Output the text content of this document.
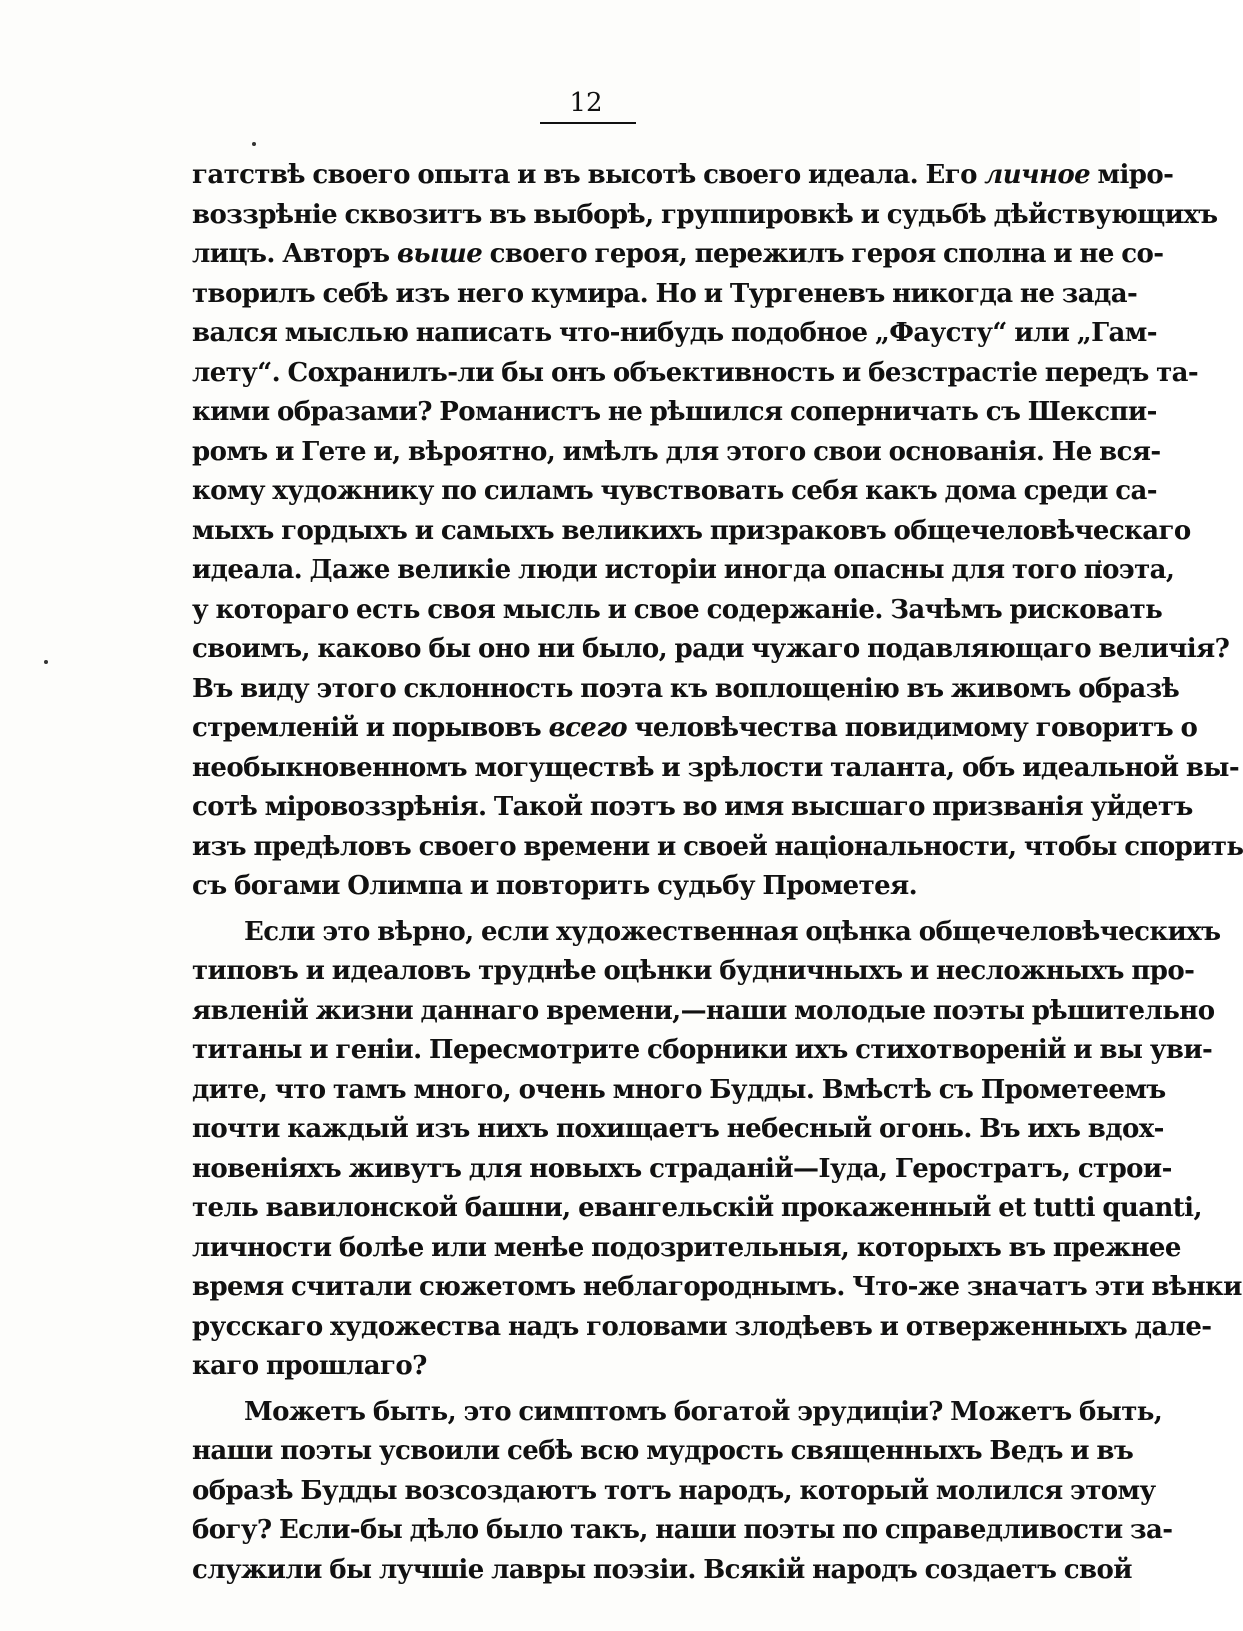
12
гатствѣ своего опыта и въ высотѣ своего идеала. Его личное міро-
воззрѣніе сквозитъ въ выборѣ, группировкѣ и судьбѣ дѣйствующихъ
лицъ. Авторъ выше своего героя, пережилъ героя сполна и не со-
творилъ себѣ изъ него кумира. Но и Тургеневъ никогда не зада-
вался мыслью написать что-нибудь подобное „Фаусту“ или „Гам-
лету“. Сохранилъ-ли бы онъ объективность и безстрастіе передъ та-
кими образами? Романистъ не рѣшился соперничать съ Шекспи-
ромъ и Гете и, вѣроятно, имѣлъ для этого свои основанія. Не вся-
кому художнику по силамъ чувствовать себя какъ дома среди са-
мыхъ гордыхъ и самыхъ великихъ призраковъ общечеловѣческаго
идеала. Даже великіе люди исторіи иногда опасны для того поэта,
у котораго есть своя мысль и свое содержаніе. Зачѣмъ рисковать
своимъ, каково бы оно ни было, ради чужаго подавляющаго величія?
Въ виду этого склонность поэта къ воплощенію въ живомъ образѣ
стремленій и порывовъ всего человѣчества повидимому говоритъ о
необыкновенномъ могуществѣ и зрѣлости таланта, объ идеальной вы-
сотѣ міровоззрѣнія. Такой поэтъ во имя высшаго призванія уйдетъ
изъ предѣловъ своего времени и своей національности, чтобы спорить
съ богами Олимпа и повторить судьбу Прометея.
Если это вѣрно, если художественная оцѣнка общечеловѣческихъ
типовъ и идеаловъ труднѣе оцѣнки будничныхъ и несложныхъ про-
явленій жизни даннаго времени,—наши молодые поэты рѣшительно
титаны и геніи. Пересмотрите сборники ихъ стихотвореній и вы уви-
дите, что тамъ много, очень много Будды. Вмѣстѣ съ Прометеемъ
почти каждый изъ нихъ похищаетъ небесный огонь. Въ ихъ вдох-
новеніяхъ живутъ для новыхъ страданій—Іуда, Геростратъ, строи-
тель вавилонской башни, евангельскій прокаженный et tutti quanti,
личности болѣе или менѣе подозрительныя, которыхъ въ прежнее
время считали сюжетомъ неблагороднымъ. Что-же значатъ эти вѣнки
русскаго художества надъ головами злодѣевъ и отверженныхъ дале-
каго прошлаго?
Можетъ быть, это симптомъ богатой эрудиціи? Можетъ быть,
наши поэты усвоили себѣ всю мудрость священныхъ Ведъ и въ
образѣ Будды возсоздаютъ тотъ народъ, который молился этому
богу? Если-бы дѣло было такъ, наши поэты по справедливости за-
служили бы лучшіе лавры поэзіи. Всякій народъ создаетъ свой
